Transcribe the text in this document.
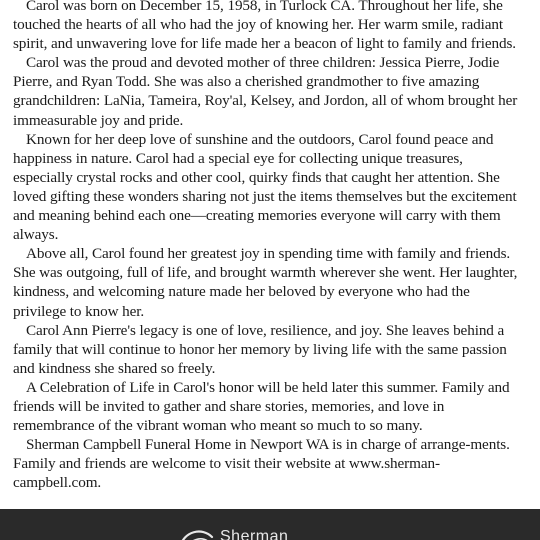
Carol was born on December 15, 1958, in Turlock CA. Throughout her life, she touched the hearts of all who had the joy of knowing her. Her warm smile, radiant spirit, and unwavering love for life made her a beacon of light to family and friends.

Carol was the proud and devoted mother of three children: Jessica Pierre, Jodie Pierre, and Ryan Todd. She was also a cherished grandmother to five amazing grandchildren: LaNia, Tameira, Roy'al, Kelsey, and Jordon, all of whom brought her immeasurable joy and pride.

Known for her deep love of sunshine and the outdoors, Carol found peace and happiness in nature. Carol had a special eye for collecting unique treasures, especially crystal rocks and other cool, quirky finds that caught her attention. She loved gifting these wonders sharing not just the items themselves but the excitement and meaning behind each one—creating memories everyone will carry with them always.

Above all, Carol found her greatest joy in spending time with family and friends. She was outgoing, full of life, and brought warmth wherever she went. Her laughter, kindness, and welcoming nature made her beloved by everyone who had the privilege to know her.

Carol Ann Pierre's legacy is one of love, resilience, and joy. She leaves behind a family that will continue to honor her memory by living life with the same passion and kindness she shared so freely.

A Celebration of Life in Carol's honor will be held later this summer. Family and friends will be invited to gather and share stories, memories, and love in remembrance of the vibrant woman who meant so much to so many.

Sherman Campbell Funeral Home in Newport WA is in charge of arrange-ments. Family and friends are welcome to visit their website at www.sherman-campbell.com.

Sherman
